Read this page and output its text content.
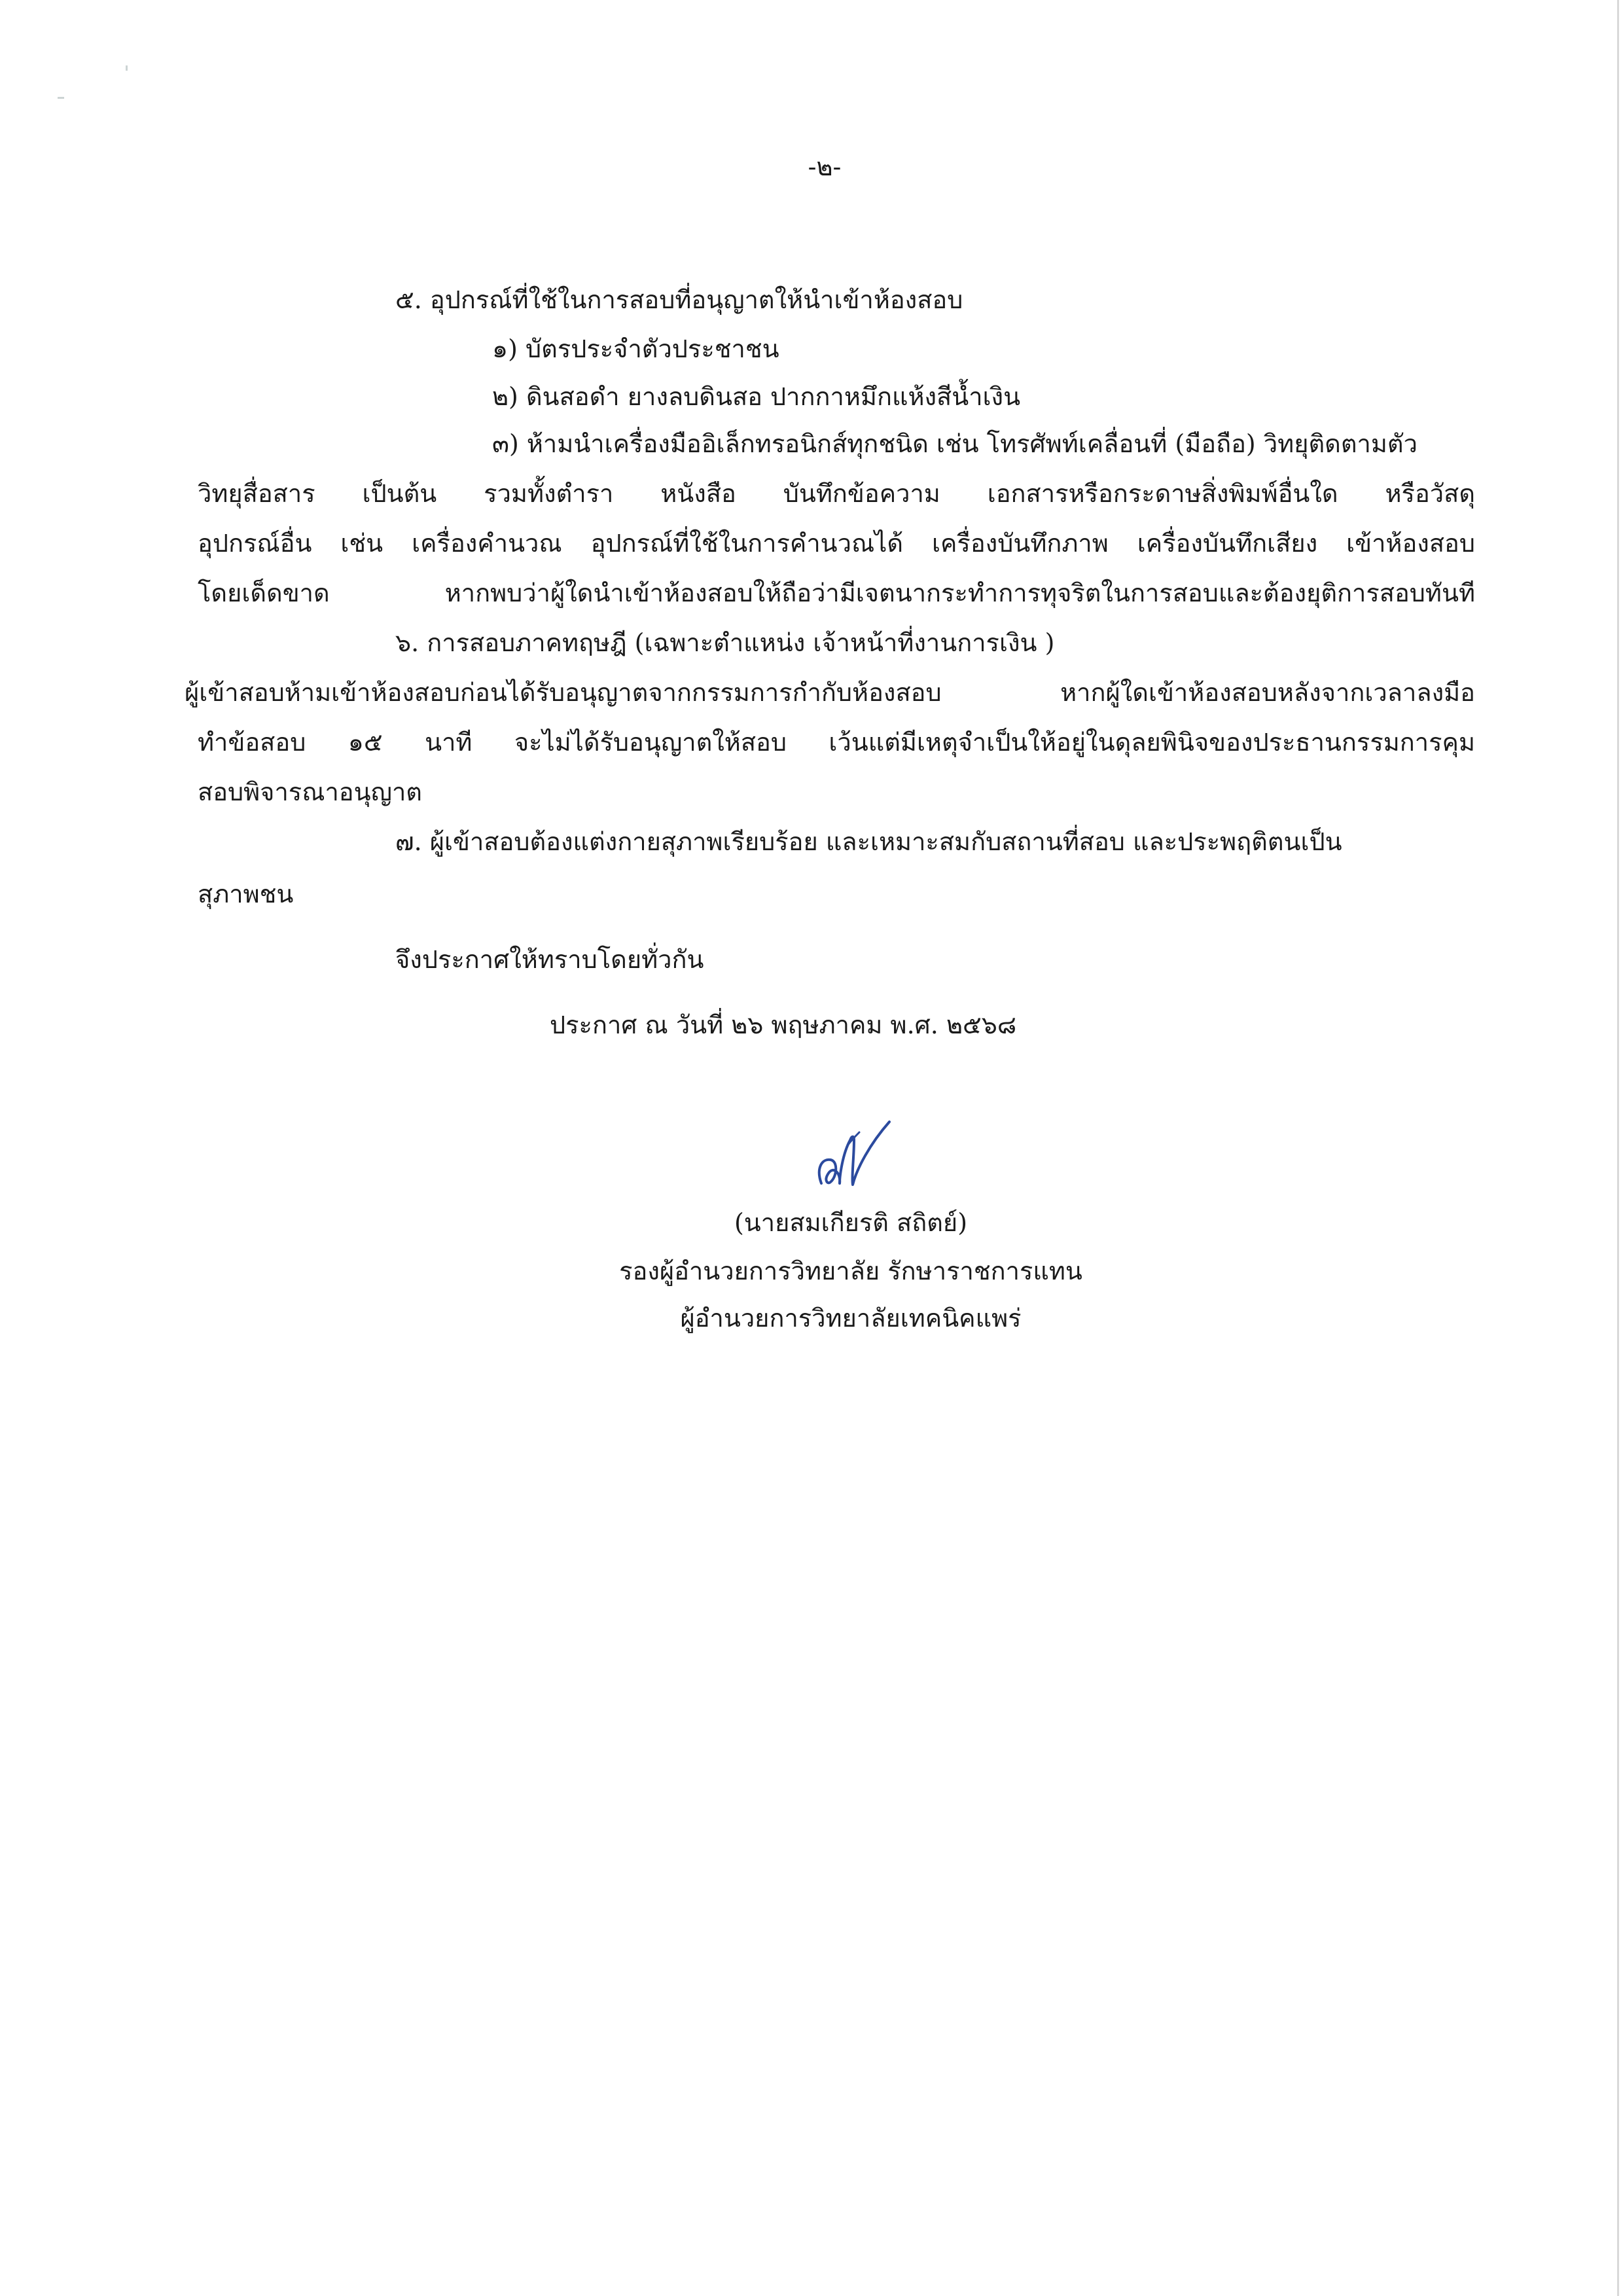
-๒-
๕. อุปกรณ์ที่ใช้ในการสอบที่อนุญาตให้นำเข้าห้องสอบ
๑) บัตรประจำตัวประชาชน
๒) ดินสอดำ ยางลบดินสอ ปากกาหมึกแห้งสีน้ำเงิน
๓) ห้ามนำเครื่องมืออิเล็กทรอนิกส์ทุกชนิด เช่น โทรศัพท์เคลื่อนที่ (มือถือ) วิทยุติดตามตัว
วิทยุสื่อสาร เป็นต้น รวมทั้งตำรา หนังสือ บันทึกข้อความ เอกสารหรือกระดาษสิ่งพิมพ์อื่นใด หรือวัสดุ
อุปกรณ์อื่น เช่น เครื่องคำนวณ อุปกรณ์ที่ใช้ในการคำนวณได้ เครื่องบันทึกภาพ เครื่องบันทึกเสียง เข้าห้องสอบ
โดยเด็ดขาด หากพบว่าผู้ใดนำเข้าห้องสอบให้ถือว่ามีเจตนากระทำการทุจริตในการสอบและต้องยุติการสอบทันที
๖. การสอบภาคทฤษฎี (เฉพาะตำแหน่ง เจ้าหน้าที่งานการเงิน )
ผู้เข้าสอบห้ามเข้าห้องสอบก่อนได้รับอนุญาตจากกรรมการกำกับห้องสอบ หากผู้ใดเข้าห้องสอบหลังจากเวลาลงมือ
ทำข้อสอบ ๑๕ นาที จะไม่ได้รับอนุญาตให้สอบ เว้นแต่มีเหตุจำเป็นให้อยู่ในดุลยพินิจของประธานกรรมการคุม
สอบพิจารณาอนุญาต
๗. ผู้เข้าสอบต้องแต่งกายสุภาพเรียบร้อย และเหมาะสมกับสถานที่สอบ และประพฤติตนเป็น
สุภาพชน
จึงประกาศให้ทราบโดยทั่วกัน
ประกาศ ณ วันที่ ๒๖ พฤษภาคม พ.ศ. ๒๕๖๘
(นายสมเกียรติ สถิตย์)
รองผู้อำนวยการวิทยาลัย รักษาราชการแทน
ผู้อำนวยการวิทยาลัยเทคนิคแพร่
